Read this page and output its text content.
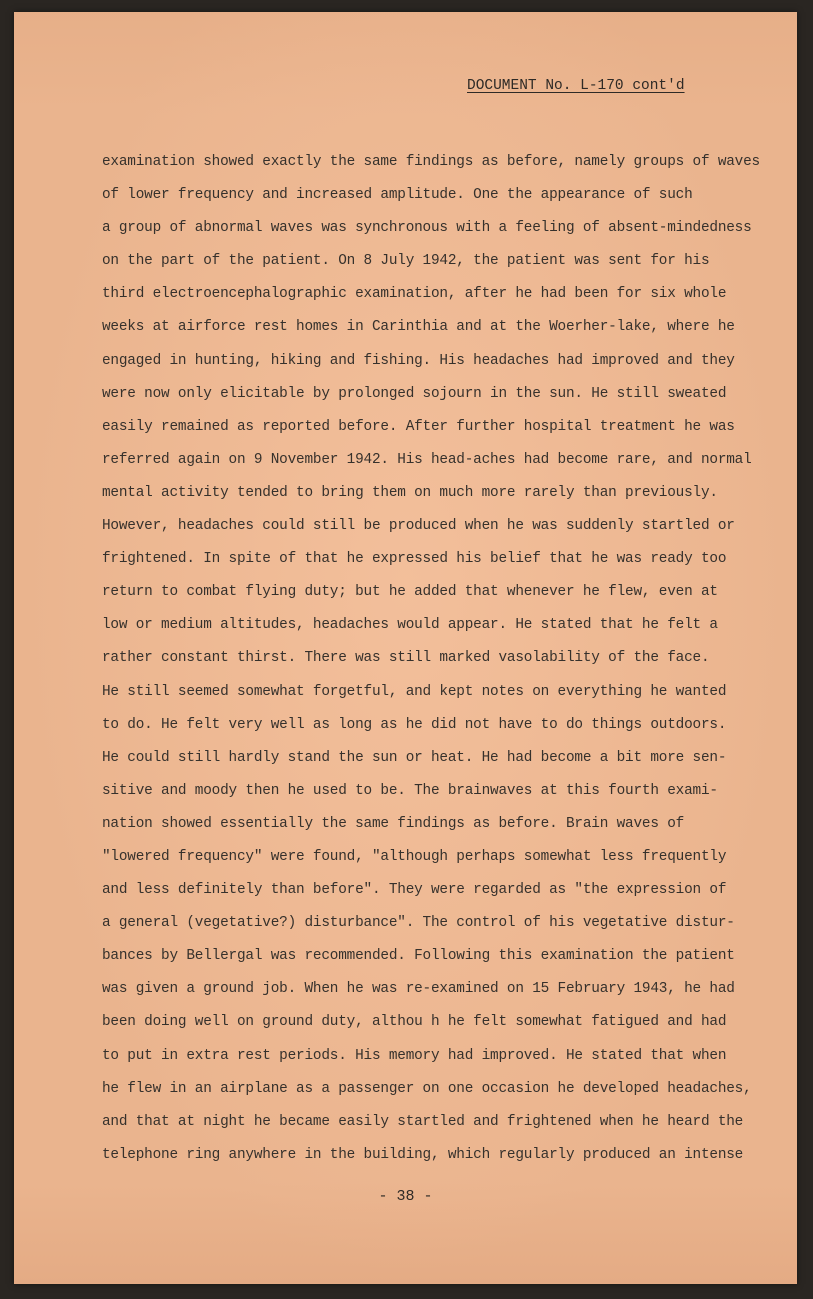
DOCUMENT No. L-170 cont'd
examination showed exactly the same findings as before, namely groups of waves
of lower frequency and increased amplitude. One the appearance of such
a group of abnormal waves was synchronous with a feeling of absent-mindedness
on the part of the patient. On 8 July 1942, the patient was sent for his
third electroencephalographic examination, after he had been for six whole
weeks at airforce rest homes in Carinthia and at the Woerher-lake, where he
engaged in hunting, hiking and fishing. His headaches had improved and they
were now only elicitable by prolonged sojourn in the sun. He still sweated
easily remained as reported before. After further hospital treatment he was
referred again on 9 November 1942. His head-aches had become rare, and normal
mental activity tended to bring them on much more rarely than previously.
However, headaches could still be produced when he was suddenly startled or
frightened. In spite of that he expressed his belief that he was ready too
return to combat flying duty; but he added that whenever he flew, even at
low or medium altitudes, headaches would appear. He stated that he felt a
rather constant thirst. There was still marked vasolability of the face.
He still seemed somewhat forgetful, and kept notes on everything he wanted
to do. He felt very well as long as he did not have to do things outdoors.
He could still hardly stand the sun or heat. He had become a bit more sen-
sitive and moody then he used to be. The brainwaves at this fourth exami-
nation showed essentially the same findings as before. Brain waves of
"lowered frequency" were found, "although perhaps somewhat less frequently
and less definitely than before". They were regarded as "the expression of
a general (vegetative?) disturbance". The control of his vegetative distur-
bances by Bellergal was recommended. Following this examination the patient
was given a ground job. When he was re-examined on 15 February 1943, he had
been doing well on ground duty, althou h he felt somewhat fatigued and had
to put in extra rest periods. His memory had improved. He stated that when
he flew in an airplane as a passenger on one occasion he developed headaches,
and that at night he became easily startled and frightened when he heard the
telephone ring anywhere in the building, which regularly produced an intense
- 38 -
